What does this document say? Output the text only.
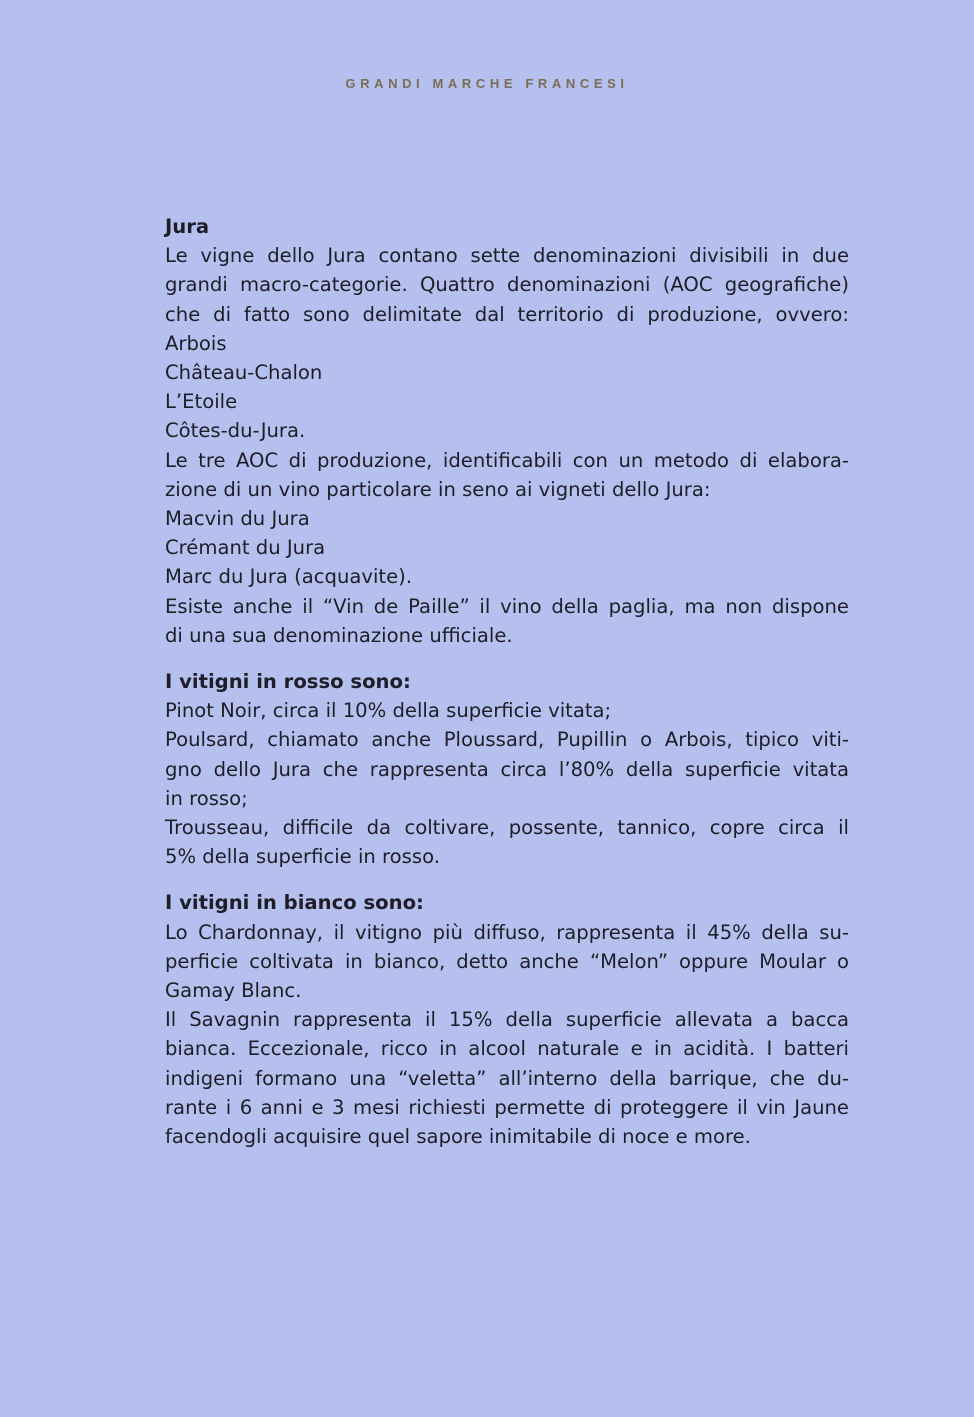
GRANDI MARCHE FRANCESI
Jura
Le vigne dello Jura contano sette denominazioni divisibili in due
grandi macro-categorie. Quattro denominazioni (AOC geografiche)
che di fatto sono delimitate dal territorio di produzione, ovvero:
Arbois
Château-Chalon
L’Etoile
Côtes-du-Jura.
Le tre AOC di produzione, identificabili con un metodo di elabora-
zione di un vino particolare in seno ai vigneti dello Jura:
Macvin du Jura
Crémant du Jura
Marc du Jura (acquavite).
Esiste anche il “Vin de Paille” il vino della paglia, ma non dispone
di una sua denominazione ufficiale.
I vitigni in rosso sono:
Pinot Noir, circa il 10% della superficie vitata;
Poulsard, chiamato anche Ploussard, Pupillin o Arbois, tipico viti-
gno dello Jura che rappresenta circa l’80% della superficie vitata
in rosso;
Trousseau, difficile da coltivare, possente, tannico, copre circa il
5% della superficie in rosso.
I vitigni in bianco sono:
Lo Chardonnay, il vitigno più diffuso, rappresenta il 45% della su-
perficie coltivata in bianco, detto anche “Melon” oppure Moular o
Gamay Blanc.
Il Savagnin rappresenta il 15% della superficie allevata a bacca
bianca. Eccezionale, ricco in alcool naturale e in acidità. I batteri
indigeni formano una “veletta” all’interno della barrique, che du-
rante i 6 anni e 3 mesi richiesti permette di proteggere il vin Jaune
facendogli acquisire quel sapore inimitabile di noce e more.
